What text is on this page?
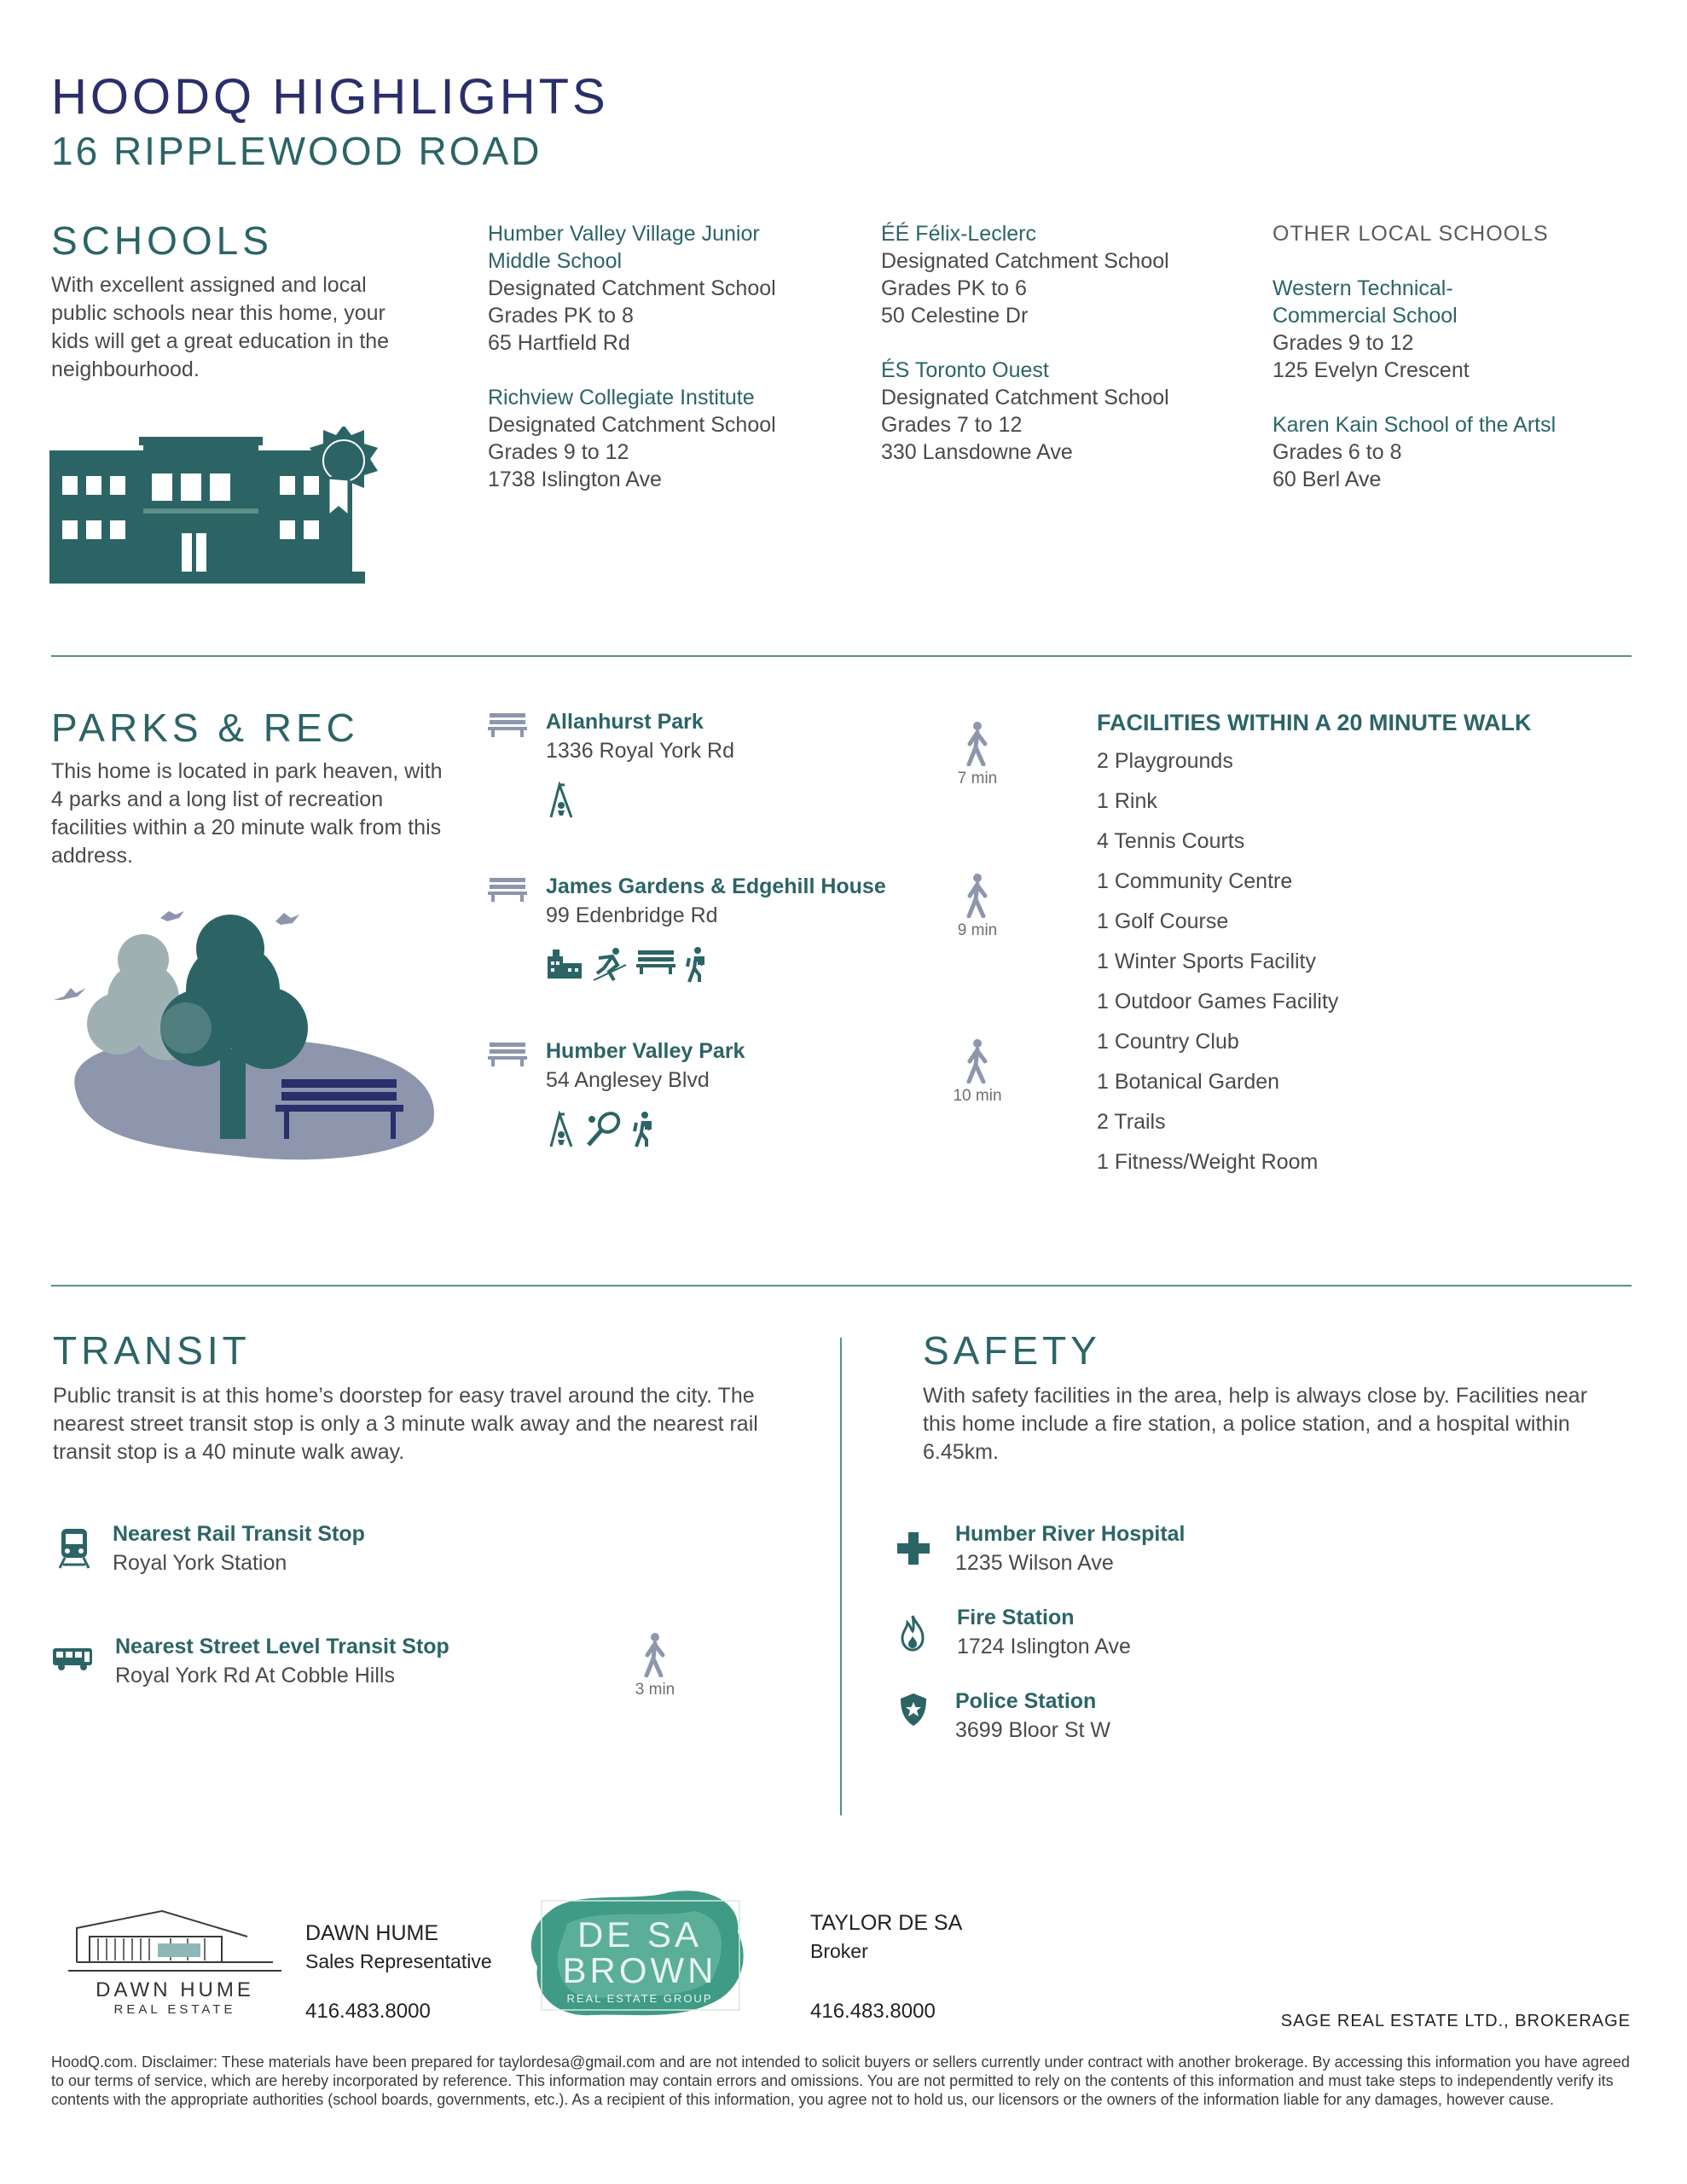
HOODQ HIGHLIGHTS
16 RIPPLEWOOD ROAD
SCHOOLS
With excellent assigned and local public schools near this home, your kids will get a great education in the neighbourhood.
Humber Valley Village Junior
Middle School
Designated Catchment School
Grades PK to 8
65 Hartfield Rd
Richview Collegiate Institute
Designated Catchment School
Grades 9 to 12
1738 Islington Ave
ÉÉ Félix-Leclerc
Designated Catchment School
Grades PK to 6
50 Celestine Dr
ÉS Toronto Ouest
Designated Catchment School
Grades 7 to 12
330 Lansdowne Ave
OTHER LOCAL SCHOOLS
Western Technical-
Commercial School
Grades 9 to 12
125 Evelyn Crescent
Karen Kain School of the Artsl
Grades 6 to 8
60 Berl Ave
PARKS & REC
This home is located in park heaven, with 4 parks and a long list of recreation facilities within a 20 minute walk from this address.
Allanhurst Park
1336 Royal York Rd
James Gardens & Edgehill House
99 Edenbridge Rd
Humber Valley Park
54 Anglesey Blvd
7 min
9 min
10 min
FACILITIES WITHIN A 20 MINUTE WALK
2 Playgrounds
1 Rink
4 Tennis Courts
1 Community Centre
1 Golf Course
1 Winter Sports Facility
1 Outdoor Games Facility
1 Country Club
1 Botanical Garden
2 Trails
1 Fitness/Weight Room
TRANSIT
Public transit is at this home’s doorstep for easy travel around the city. The nearest street transit stop is only a 3 minute walk away and the nearest rail transit stop is a 40 minute walk away.
Nearest Rail Transit Stop
Royal York Station
Nearest Street Level Transit Stop
Royal York Rd At Cobble Hills
3 min
SAFETY
With safety facilities in the area, help is always close by. Facilities near this home include a fire station, a police station, and a hospital within 6.45km.
Humber River Hospital
1235 Wilson Ave
Fire Station
1724 Islington Ave
Police Station
3699 Bloor St W
DAWN HUME
REAL ESTATE
DAWN HUME
Sales Representative
416.483.8000
DE SA
BROWN
REAL ESTATE GROUP
TAYLOR DE SA
Broker
416.483.8000	SAGE REAL ESTATE LTD., BROKERAGE
HoodQ.com. Disclaimer: These materials have been prepared for taylordesa@gmail.com and are not intended to solicit buyers or sellers currently under contract with another brokerage. By accessing this information you have agreed to our terms of service, which are hereby incorporated by reference. This information may contain errors and omissions. You are not permitted to rely on the contents of this information and must take steps to independently verify its contents with the appropriate authorities (school boards, governments, etc.). As a recipient of this information, you agree not to hold us, our licensors or the owners of the information liable for any damages, however cause.
